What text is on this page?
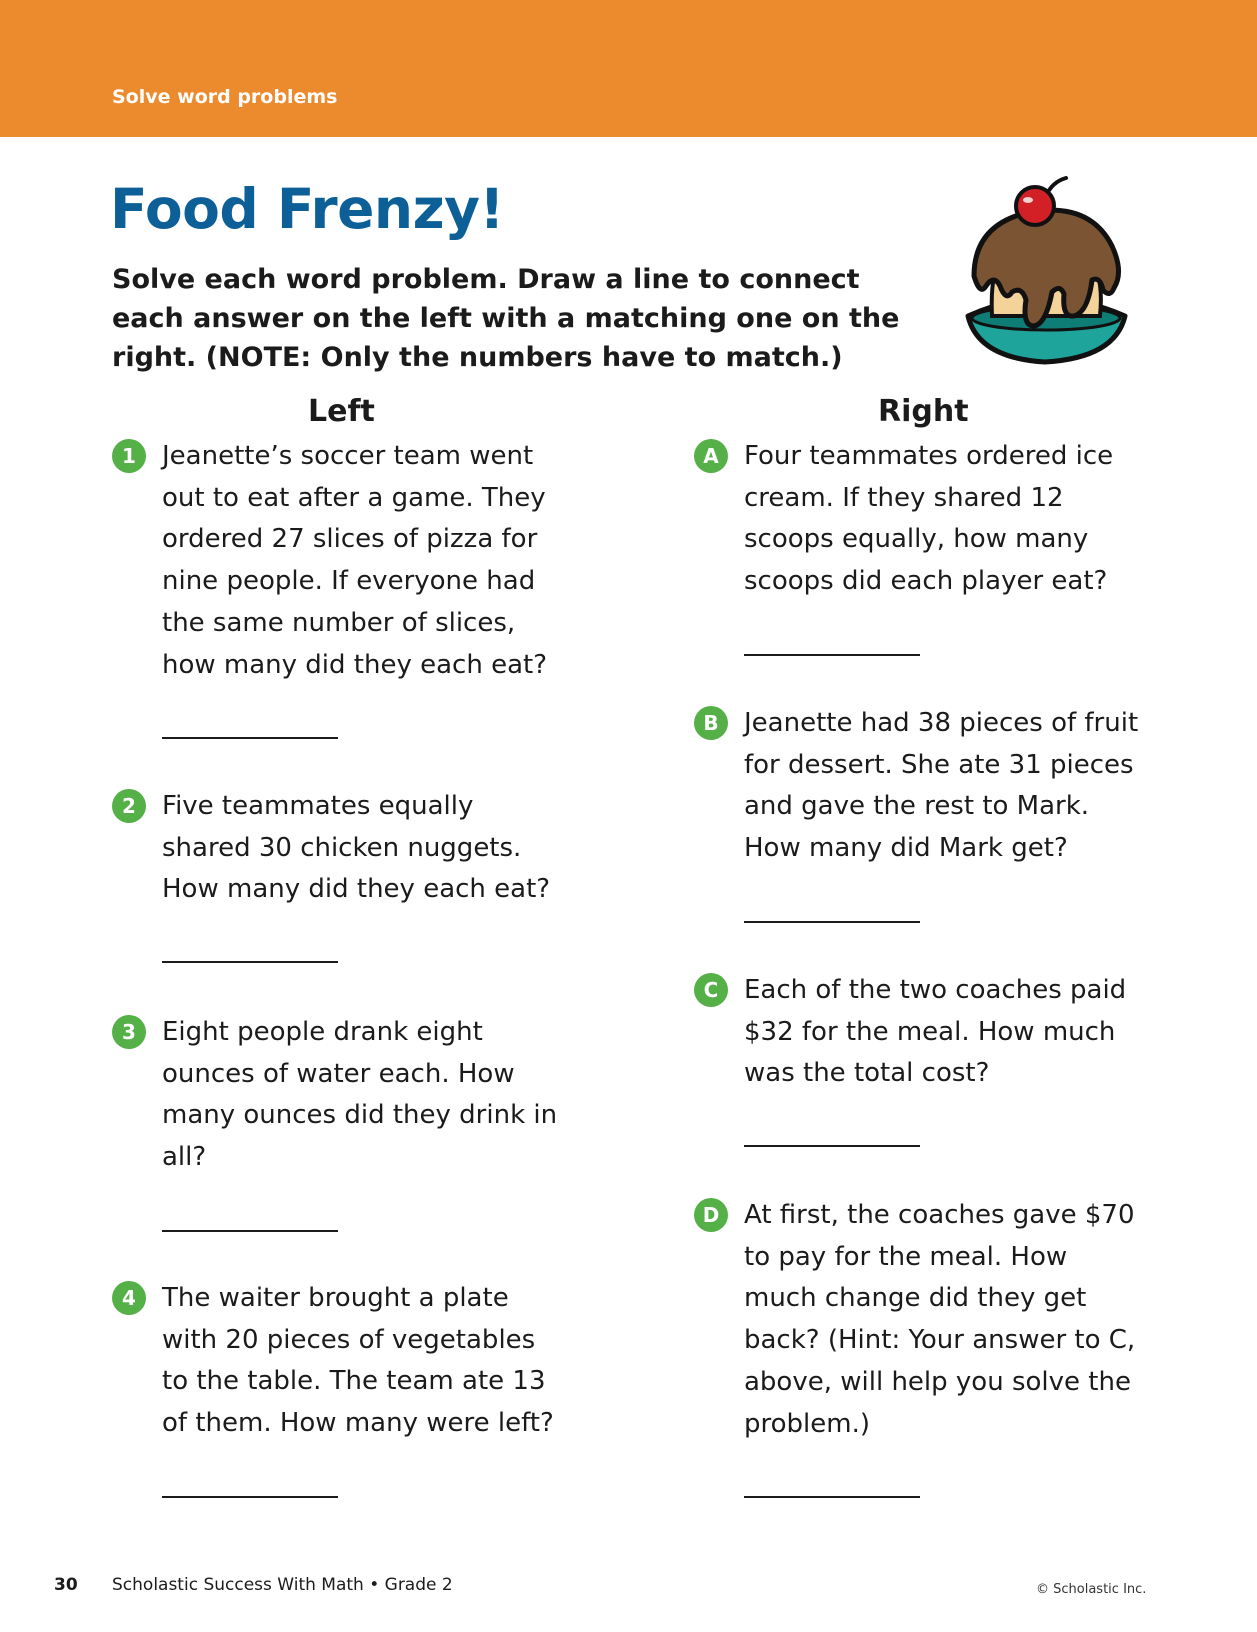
Solve word problems
Food Frenzy!

Solve each word problem. Draw a line to connect each answer on the left with a matching one on the right. (NOTE: Only the numbers have to match.)

Left	Right
1	Jeanette’s soccer team went out to eat after a game. They ordered 27 slices of pizza for nine people. If everyone had the same number of slices, how many did they each eat?

2	Five teammates equally shared 30 chicken nuggets. How many did they each eat?

3	Eight people drank eight ounces of water each. How many ounces did they drink in all?

4	The waiter brought a plate with 20 pieces of vegetables to the table. The team ate 13 of them. How many were left?

A Four teammates ordered ice cream. If they shared 12 scoops equally, how many scoops did each player eat?

B Jeanette had 38 pieces of fruit for dessert. She ate 31 pieces and gave the rest to Mark. How many did Mark get?

C Each of the two coaches paid $32 for the meal. How much was the total cost?

D At first, the coaches gave $70 to pay for the meal. How much change did they get back? (Hint: Your answer to C, above, will help you solve the problem.)

30 Scholastic Success With Math • Grade 2	© Scholastic Inc.
